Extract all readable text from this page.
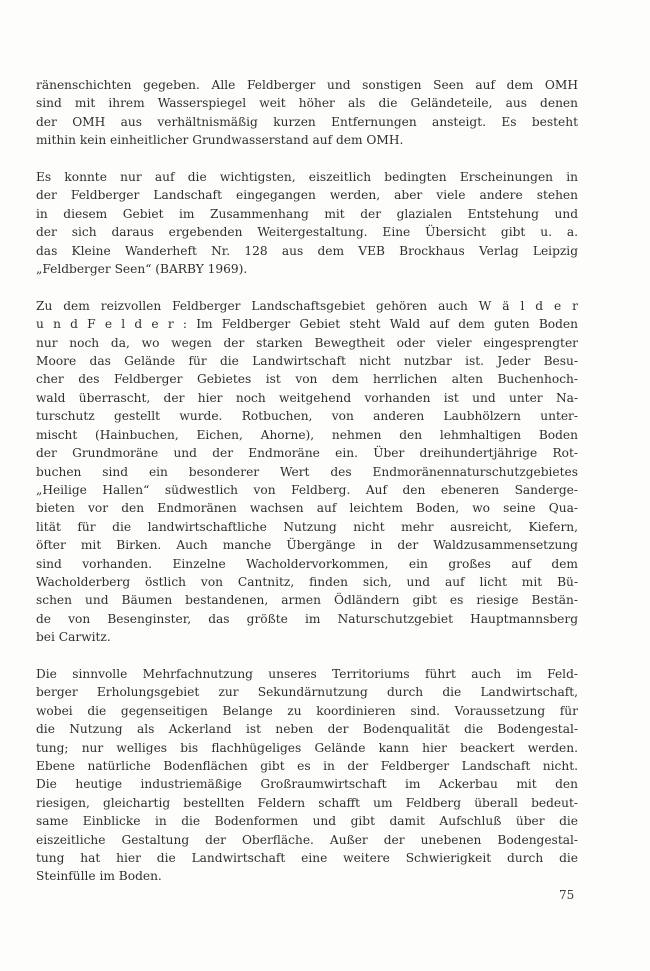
ränenschichten gegeben. Alle Feldberger und sonstigen Seen auf dem OMH
sind mit ihrem Wasserspiegel weit höher als die Geländeteile, aus denen
der OMH aus verhältnismäßig kurzen Entfernungen ansteigt. Es besteht
mithin kein einheitlicher Grundwasserstand auf dem OMH.
Es konnte nur auf die wichtigsten, eiszeitlich bedingten Erscheinungen in
der Feldberger Landschaft eingegangen werden, aber viele andere stehen
in diesem Gebiet im Zusammenhang mit der glazialen Entstehung und
der sich daraus ergebenden Weitergestaltung. Eine Übersicht gibt u. a.
das Kleine Wanderheft Nr. 128 aus dem VEB Brockhaus Verlag Leipzig
„Feldberger Seen“ (BARBY 1969).
Zu dem reizvollen Feldberger Landschaftsgebiet gehören auch W ä l d e r
u n d F e l d e r : Im Feldberger Gebiet steht Wald auf dem guten Boden
nur noch da, wo wegen der starken Bewegtheit oder vieler eingesprengter
Moore das Gelände für die Landwirtschaft nicht nutzbar ist. Jeder Besu-
cher des Feldberger Gebietes ist von dem herrlichen alten Buchenhoch-
wald überrascht, der hier noch weitgehend vorhanden ist und unter Na-
turschutz gestellt wurde. Rotbuchen, von anderen Laubhölzern unter-
mischt (Hainbuchen, Eichen, Ahorne), nehmen den lehmhaltigen Boden
der Grundmoräne und der Endmoräne ein. Über dreihundertjährige Rot-
buchen sind ein besonderer Wert des Endmoränennaturschutzgebietes
„Heilige Hallen“ südwestlich von Feldberg. Auf den ebeneren Sanderge-
bieten vor den Endmoränen wachsen auf leichtem Boden, wo seine Qua-
lität für die landwirtschaftliche Nutzung nicht mehr ausreicht, Kiefern,
öfter mit Birken. Auch manche Übergänge in der Waldzusammensetzung
sind vorhanden. Einzelne Wacholdervorkommen, ein großes auf dem
Wacholderberg östlich von Cantnitz, finden sich, und auf licht mit Bü-
schen und Bäumen bestandenen, armen Ödländern gibt es riesige Bestän-
de von Besenginster, das größte im Naturschutzgebiet Hauptmannsberg
bei Carwitz.
Die sinnvolle Mehrfachnutzung unseres Territoriums führt auch im Feld-
berger Erholungsgebiet zur Sekundärnutzung durch die Landwirtschaft,
wobei die gegenseitigen Belange zu koordinieren sind. Voraussetzung für
die Nutzung als Ackerland ist neben der Bodenqualität die Bodengestal-
tung; nur welliges bis flachhügeliges Gelände kann hier beackert werden.
Ebene natürliche Bodenflächen gibt es in der Feldberger Landschaft nicht.
Die heutige industriemäßige Großraumwirtschaft im Ackerbau mit den
riesigen, gleichartig bestellten Feldern schafft um Feldberg überall bedeut-
same Einblicke in die Bodenformen und gibt damit Aufschluß über die
eiszeitliche Gestaltung der Oberfläche. Außer der unebenen Bodengestal-
tung hat hier die Landwirtschaft eine weitere Schwierigkeit durch die
Steinfülle im Boden.
75
